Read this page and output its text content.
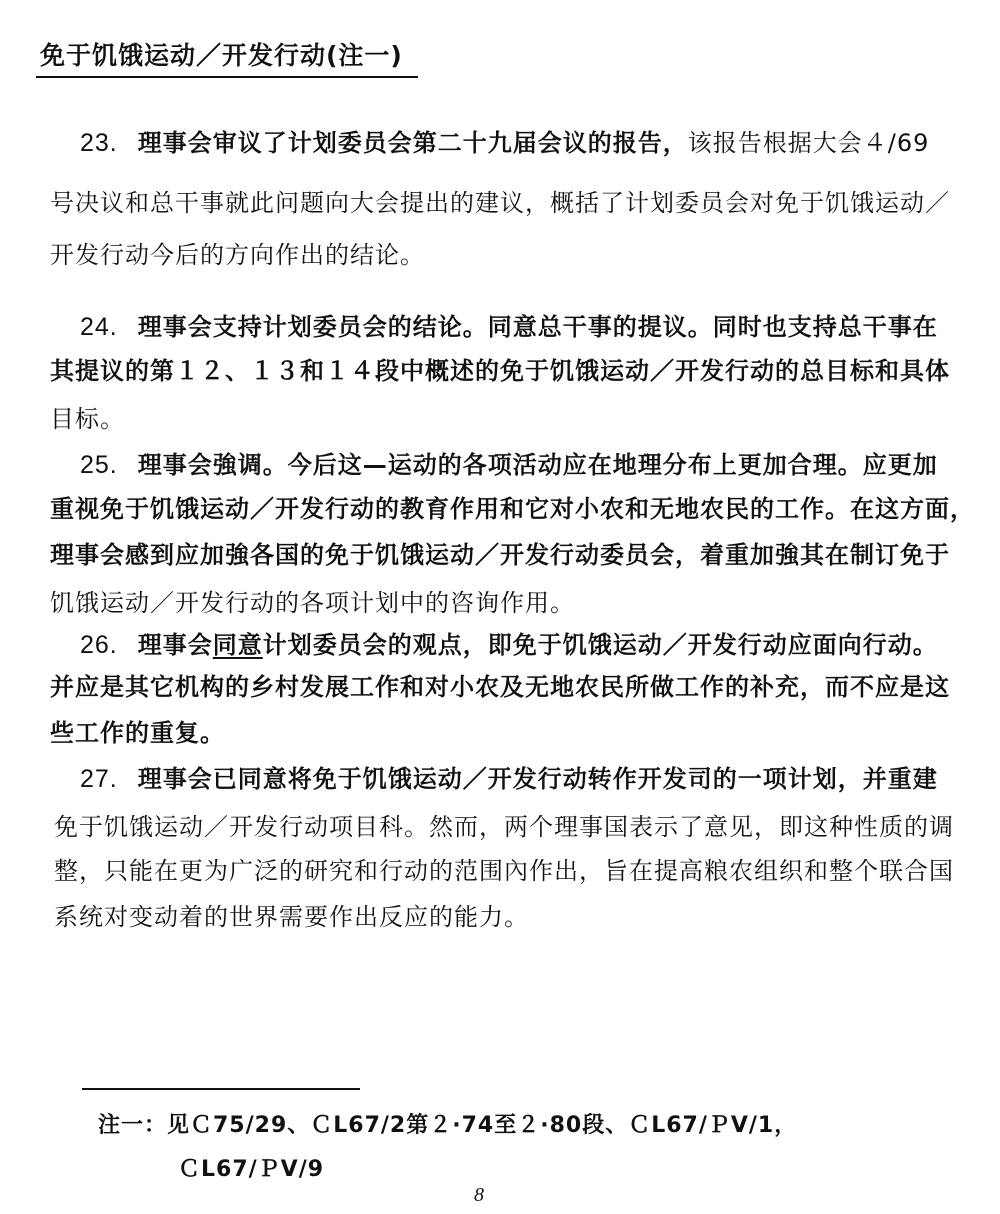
免于饥饿运动／开发行动(注一)
23. 理事会审议了计划委员会第二十九届会议的报告，该报告根据大会４/69
号决议和总干事就此问题向大会提出的建议，概括了计划委员会对免于饥饿运动／
开发行动今后的方向作出的结论。
24. 理事会支持计划委员会的结论。同意总干事的提议。同时也支持总干事在
其提议的第１２、１３和１４段中概述的免于饥饿运动／开发行动的总目标和具体
目标。
25. 理事会強调。今后这—运动的各项活动应在地理分布上更加合理。应更加
重视免于饥饿运动／开发行动的教育作用和它对小农和无地农民的工作。在这方面，
理事会感到应加強各国的免于饥饿运动／开发行动委员会，着重加強其在制订免于
饥饿运动／开发行动的各项计划中的咨询作用。
26. 理事会同意计划委员会的观点，即免于饥饿运动／开发行动应面向行动。
并应是其它机构的乡村发展工作和对小农及无地农民所做工作的补充，而不应是这
些工作的重复。
27. 理事会已同意将免于饥饿运动／开发行动转作开发司的一项计划，并重建
免于饥饿运动／开发行动项目科。然而，两个理事国表示了意见，即这种性质的调
整，只能在更为广泛的研究和行动的范围內作出，旨在提高粮农组织和整个联合国
系统对变动着的世界需要作出反应的能力。
注一：见Ｃ75/29、ＣL67/2第２·74至２·80段、ＣL67/ＰV/1，
ＣL67/ＰV/9
8
